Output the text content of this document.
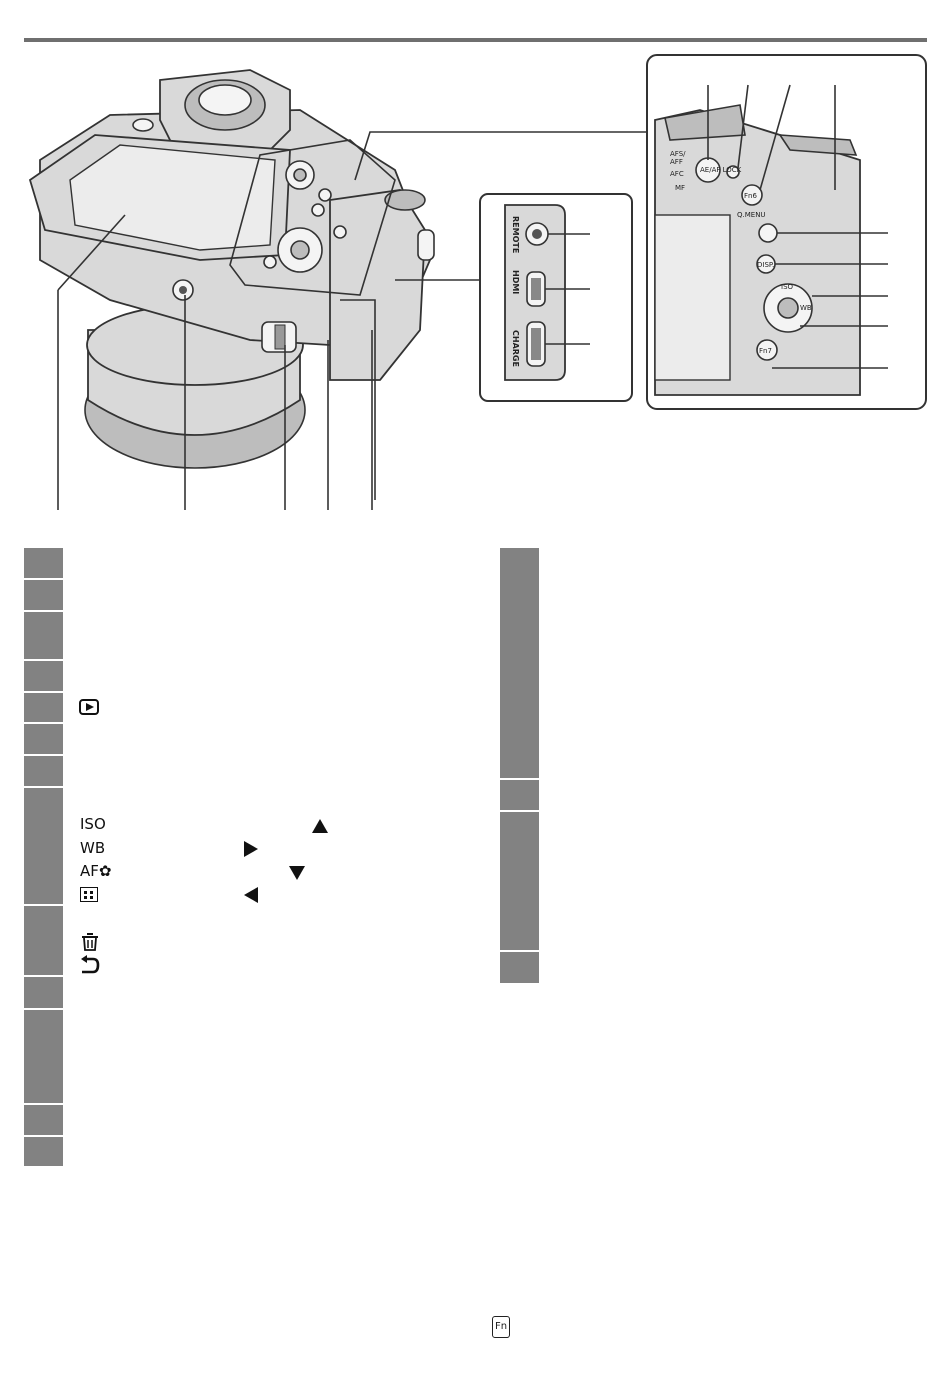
REMOTE
HDMI
CHARGE
AE/AF LOCK
Fn6
Q.MENU
DISP.
ISO
WB
Fn7
AFS/
AFF
AFC
MF
ISO
WB
AF✿
Fn
